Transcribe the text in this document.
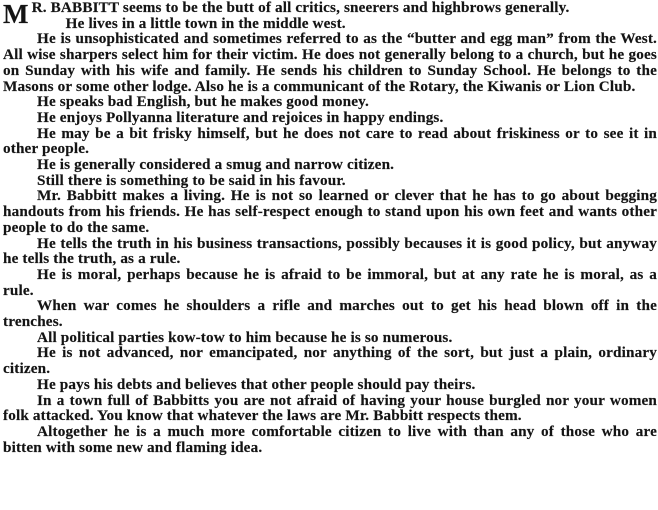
M R. BABBITT seems to be the butt of all critics, sneerers and highbrows generally.

He lives in a little town in the middle west.

He is unsophisticated and sometimes referred to as the “butter and egg man” from the West. All wise sharpers select him for their victim. He does not generally belong to a church, but he goes on Sunday with his wife and family. He sends his children to Sunday School. He belongs to the Masons or some other lodge. Also he is a communicant of the Rotary, the Kiwanis or Lion Club.

He speaks bad English, but he makes good money.

He enjoys Pollyanna literature and rejoices in happy endings.

He may be a bit frisky himself, but he does not care to read about friskiness or to see it in other people.

He is generally considered a smug and narrow citizen.

Still there is something to be said in his favour.

Mr. Babbitt makes a living. He is not so learned or clever that he has to go about begging handouts from his friends. He has self-respect enough to stand upon his own feet and wants other people to do the same.

He tells the truth in his business transactions, possibly becauses it is good policy, but anyway he tells the truth, as a rule.

He is moral, perhaps because he is afraid to be immoral, but at any rate he is moral, as a rule.

When war comes he shoulders a rifle and marches out to get his head blown off in the trenches.

All political parties kow-tow to him because he is so numerous.

He is not advanced, nor emancipated, nor anything of the sort, but just a plain, ordinary citizen.

He pays his debts and believes that other people should pay theirs.

In a town full of Babbitts you are not afraid of having your house burgled nor your women folk attacked. You know that whatever the laws are Mr. Babbitt respects them.

Altogether he is a much more comfortable citizen to live with than any of those who are bitten with some new and flaming idea.
